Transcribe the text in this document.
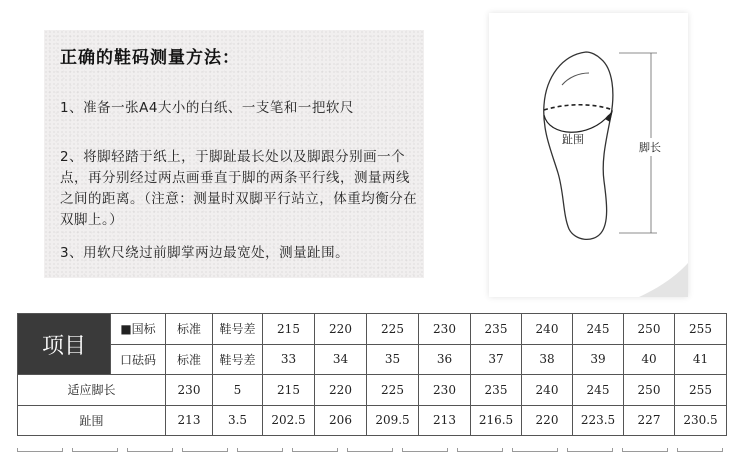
正确的鞋码测量方法：
1、准备一张A4大小的白纸、一支笔和一把软尺
2、将脚轻踏于纸上，于脚趾最长处以及脚跟分别画一个点，再分别经过两点画垂直于脚的两条平行线，测量两线之间的距离。（注意：测量时双脚平行站立，体重均衡分在双脚上。）
3、用软尺绕过前脚掌两边最宽处，测量趾围。
趾围
脚长
项目	■国标	标准	鞋号差	215	220	225	230	235	240	245	250	255
	口砝码	标准	鞋号差	33	34	35	36	37	38	39	40	41
适应脚长		230	5	215	220	225	230	235	240	245	250	255
趾围		213	3.5	202.5	206	209.5	213	216.5	220	223.5	227	230.5
